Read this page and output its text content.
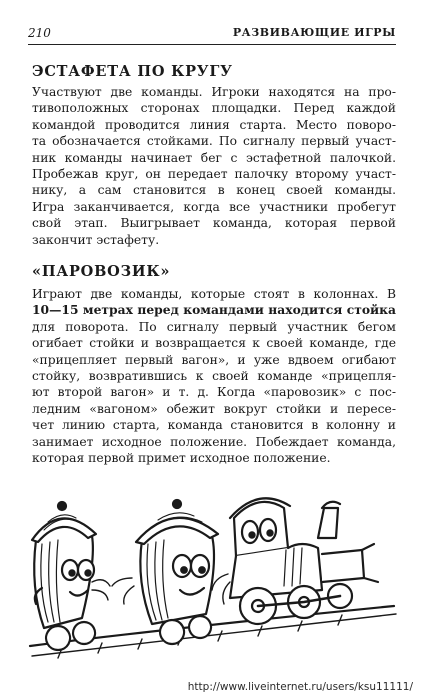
210	РАЗВИВАЮЩИЕ ИГРЫ
ЭСТАФЕТА ПО КРУГУ

Участвуют две команды. Игроки находятся на про-
тивоположных сторонах площадки. Перед каждой
командой проводится линия старта. Место поворо-
та обозначается стойками. По сигналу первый участ-
ник команды начинает бег с эстафетной палочкой.
Пробежав круг, он передает палочку второму участ-
нику, а сам становится в конец своей команды.
Игра заканчивается, когда все участники пробегут
свой этап. Выигрывает команда, которая первой
закончит эстафету.

«ПАРОВОЗИК»

Играют две команды, которые стоят в колоннах. В
10—15 метрах перед командами находится стойка
для поворота. По сигналу первый участник бегом
огибает стойки и возвращается к своей команде, где
«прицепляет первый вагон», и уже вдвоем огибают
стойку, возвратившись к своей команде «прицепля-
ют второй вагон» и т. д. Когда «паровозик» с пос-
ледним «вагоном» обежит вокруг стойки и пересе-
чет линию старта, команда становится в колонну и
занимает исходное положение. Побеждает команда,
которая первой примет исходное положение.

http://www.liveinternet.ru/users/ksu11111/
